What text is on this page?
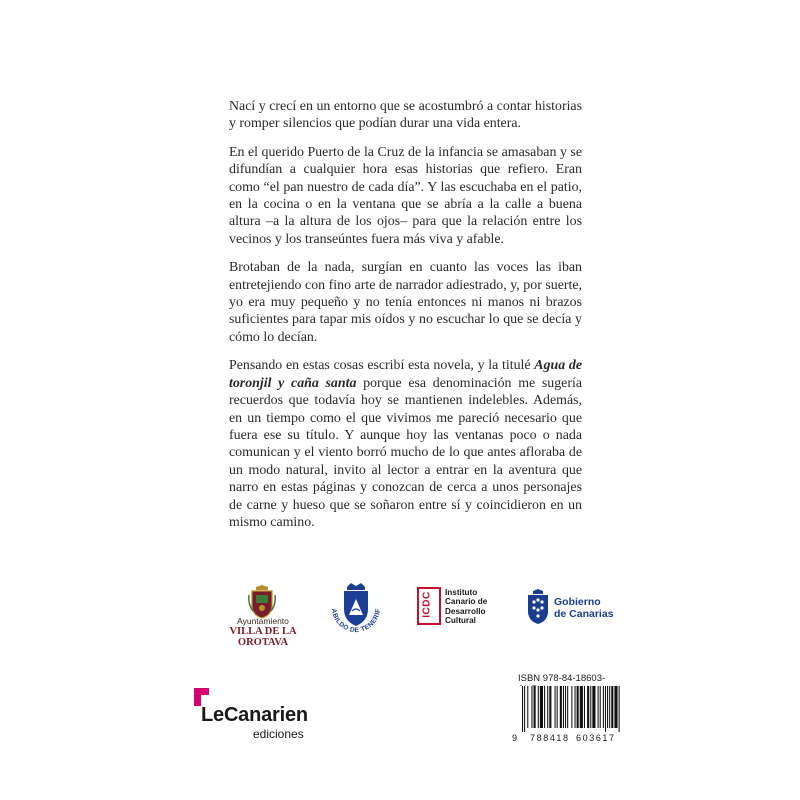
Nací y crecí en un entorno que se acostumbró a contar historias y romper silencios que podían durar una vida entera.

En el querido Puerto de la Cruz de la infancia se amasaban y se difundían a cualquier hora esas historias que refiero. Eran como “el pan nuestro de cada día”. Y las escuchaba en el patio, en la cocina o en la ventana que se abría a la calle a buena altura –a la altura de los ojos– para que la relación entre los vecinos y los transeúntes fuera más viva y afable.

Brotaban de la nada, surgían en cuanto las voces las iban entretejiendo con fino arte de narrador adiestrado, y, por suerte, yo era muy pequeño y no tenía entonces ni manos ni brazos suficientes para tapar mis oídos y no escuchar lo que se decía y cómo lo decían.

Pensando en estas cosas escribí esta novela, y la titulé Agua de toronjil y caña santa porque esa denominación me sugería recuerdos que todavía hoy se mantienen indelebles. Además, en un tiempo como el que vivimos me pareció necesario que fuera ese su título. Y aunque hoy las ventanas poco o nada comunican y el viento borró mucho de lo que antes afloraba de un modo natural, invito al lector a entrar en la aventura que narro en estas páginas y conozcan de cerca a unos personajes de carne y hueso que se soñaron entre sí y coincidieron en un mismo camino.

Ayuntamiento
VILLA DE LA OROTAVA
ABILDO DE TENERIF	ICDC Instituto
Canario de
Desarrollo
Cultural
Gobierno
de Canarias
LeCanarien
ediciones
ISBN 978-84-18603-
9 788418 603617
